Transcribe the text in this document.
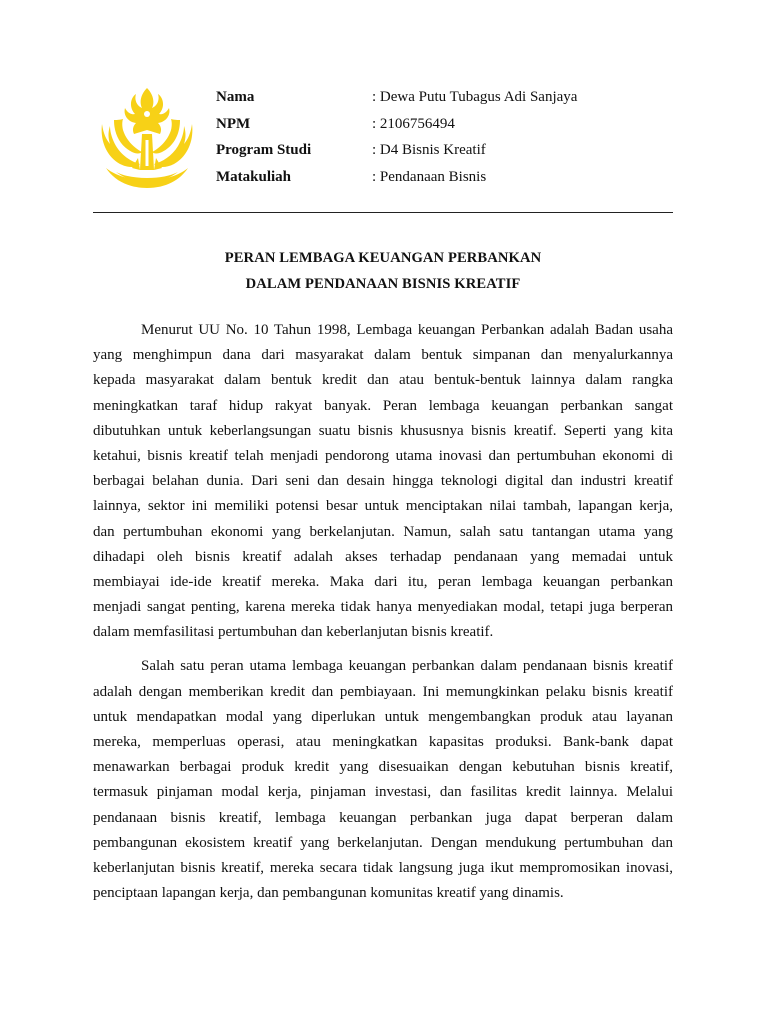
Nama	: Dewa Putu Tubagus Adi Sanjaya
NPM	: 2106756494
Program Studi	: D4 Bisnis Kreatif
Matakuliah	: Pendanaan Bisnis
PERAN LEMBAGA KEUANGAN PERBANKAN
DALAM PENDANAAN BISNIS KREATIF

Menurut UU No. 10 Tahun 1998, Lembaga keuangan Perbankan adalah Badan usaha
yang menghimpun dana dari masyarakat dalam bentuk simpanan dan menyalurkannya
kepada masyarakat dalam bentuk kredit dan atau bentuk-bentuk lainnya dalam rangka
meningkatkan taraf hidup rakyat banyak. Peran lembaga keuangan perbankan sangat
dibutuhkan untuk keberlangsungan suatu bisnis khususnya bisnis kreatif. Seperti yang kita
ketahui, bisnis kreatif telah menjadi pendorong utama inovasi dan pertumbuhan ekonomi di
berbagai belahan dunia. Dari seni dan desain hingga teknologi digital dan industri kreatif
lainnya, sektor ini memiliki potensi besar untuk menciptakan nilai tambah, lapangan kerja,
dan pertumbuhan ekonomi yang berkelanjutan. Namun, salah satu tantangan utama yang
dihadapi oleh bisnis kreatif adalah akses terhadap pendanaan yang memadai untuk
membiayai ide-ide kreatif mereka. Maka dari itu, peran lembaga keuangan perbankan
menjadi sangat penting, karena mereka tidak hanya menyediakan modal, tetapi juga berperan
dalam memfasilitasi pertumbuhan dan keberlanjutan bisnis kreatif.

Salah satu peran utama lembaga keuangan perbankan dalam pendanaan bisnis kreatif
adalah dengan memberikan kredit dan pembiayaan. Ini memungkinkan pelaku bisnis kreatif
untuk mendapatkan modal yang diperlukan untuk mengembangkan produk atau layanan
mereka, memperluas operasi, atau meningkatkan kapasitas produksi. Bank-bank dapat
menawarkan berbagai produk kredit yang disesuaikan dengan kebutuhan bisnis kreatif,
termasuk pinjaman modal kerja, pinjaman investasi, dan fasilitas kredit lainnya. Melalui
pendanaan bisnis kreatif, lembaga keuangan perbankan juga dapat berperan dalam
pembangunan ekosistem kreatif yang berkelanjutan. Dengan mendukung pertumbuhan dan
keberlanjutan bisnis kreatif, mereka secara tidak langsung juga ikut mempromosikan inovasi,
penciptaan lapangan kerja, dan pembangunan komunitas kreatif yang dinamis.
